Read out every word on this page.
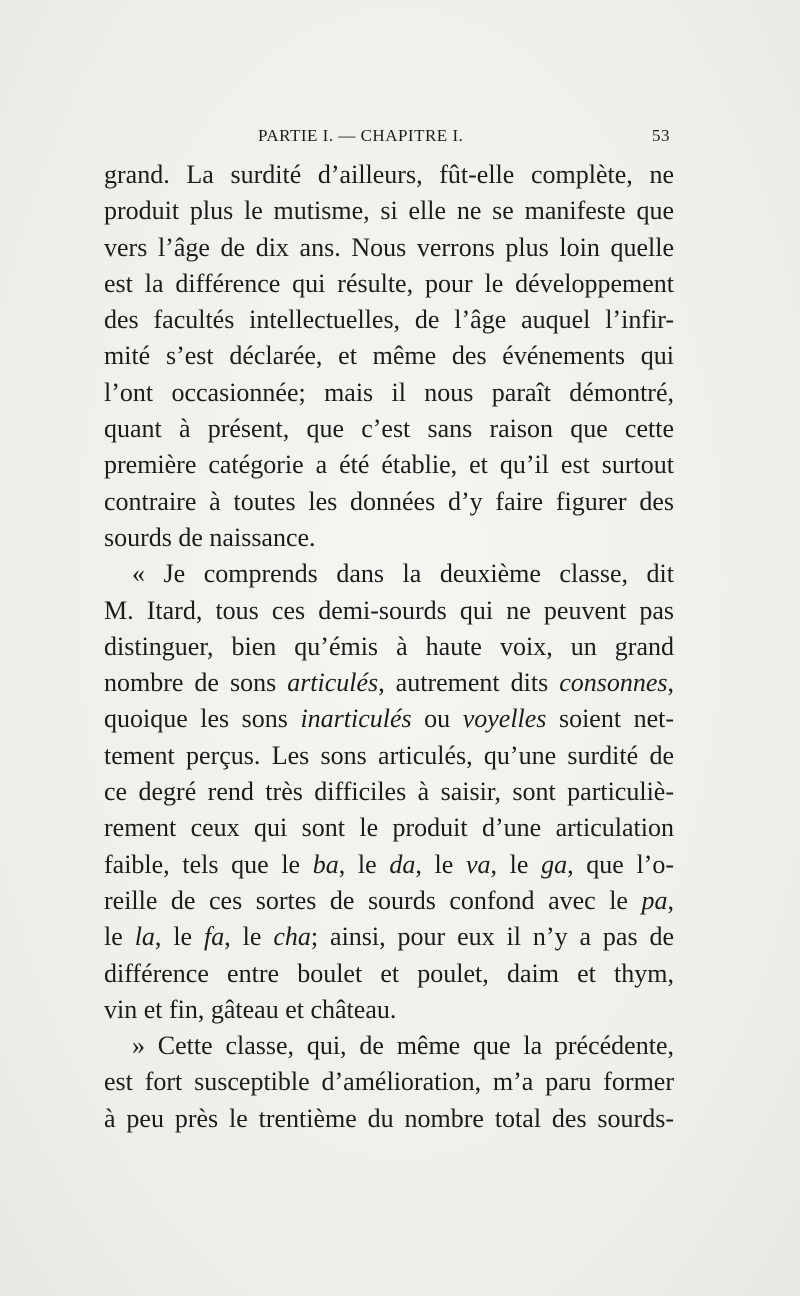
PARTIE I. — CHAPITRE I.	53
grand. La surdité d’ailleurs, fût-elle complète, ne
produit plus le mutisme, si elle ne se manifeste que
vers l’âge de dix ans. Nous verrons plus loin quelle
est la différence qui résulte, pour le développement
des facultés intellectuelles, de l’âge auquel l’infir-
mité s’est déclarée, et même des événements qui
l’ont occasionnée; mais il nous paraît démontré,
quant à présent, que c’est sans raison que cette
première catégorie a été établie, et qu’il est surtout
contraire à toutes les données d’y faire figurer des
sourds de naissance.
« Je comprends dans la deuxième classe, dit
M. Itard, tous ces demi-sourds qui ne peuvent pas
distinguer, bien qu’émis à haute voix, un grand
nombre de sons articulés, autrement dits consonnes,
quoique les sons inarticulés ou voyelles soient net-
tement perçus. Les sons articulés, qu’une surdité de
ce degré rend très difficiles à saisir, sont particuliè-
rement ceux qui sont le produit d’une articulation
faible, tels que le ba, le da, le va, le ga, que l’o-
reille de ces sortes de sourds confond avec le pa,
le la, le fa, le cha; ainsi, pour eux il n’y a pas de
différence entre boulet et poulet, daim et thym,
vin et fin, gâteau et château.
» Cette classe, qui, de même que la précédente,
est fort susceptible d’amélioration, m’a paru former
à peu près le trentième du nombre total des sourds-
